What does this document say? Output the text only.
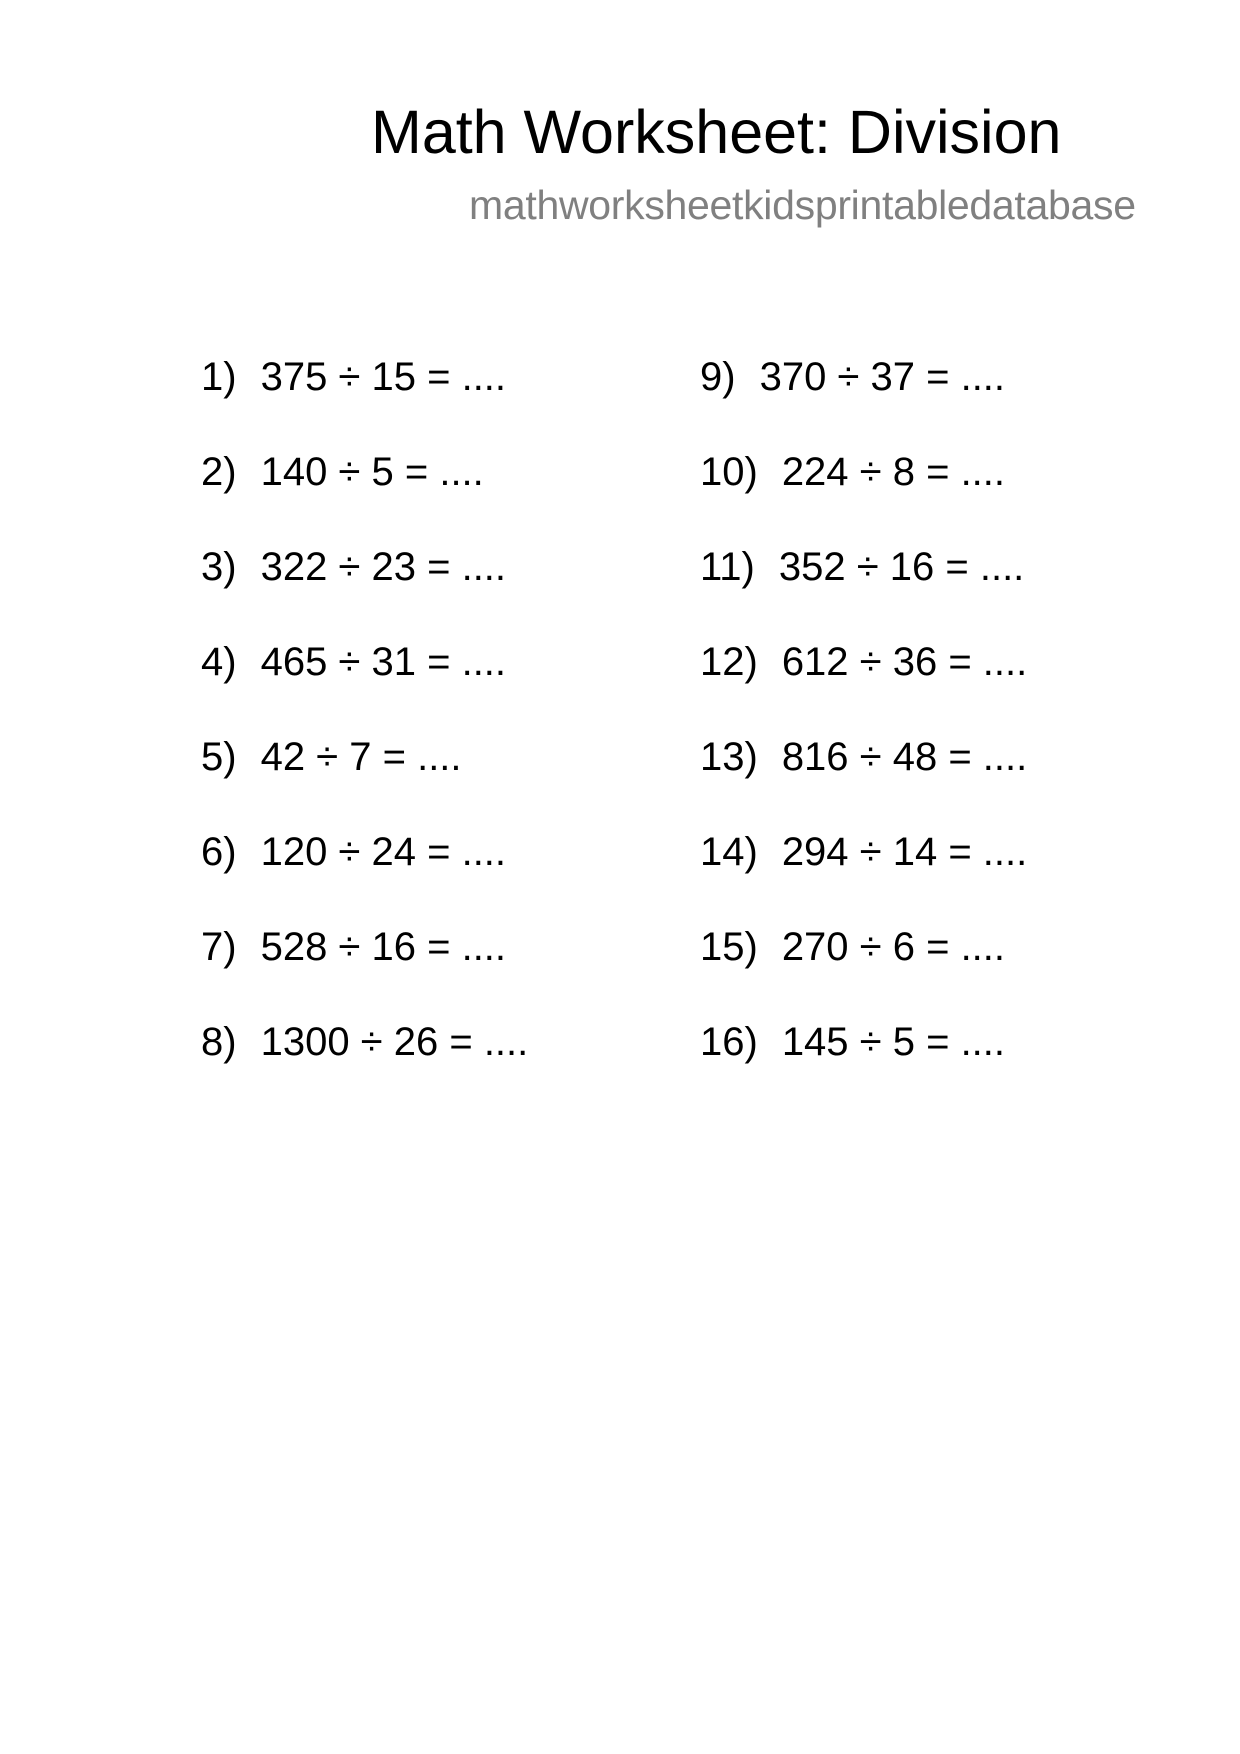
Math Worksheet: Division
mathworksheetkidsprintabledatabase
1) 375 ÷ 15 = ....
2) 140 ÷ 5 = ....
3) 322 ÷ 23 = ....
4) 465 ÷ 31 = ....
5) 42 ÷ 7 = ....
6) 120 ÷ 24 = ....
7) 528 ÷ 16 = ....
8) 1300 ÷ 26 = ....
9) 370 ÷ 37 = ....
10) 224 ÷ 8 = ....
11) 352 ÷ 16 = ....
12) 612 ÷ 36 = ....
13) 816 ÷ 48 = ....
14) 294 ÷ 14 = ....
15) 270 ÷ 6 = ....
16) 145 ÷ 5 = ....
